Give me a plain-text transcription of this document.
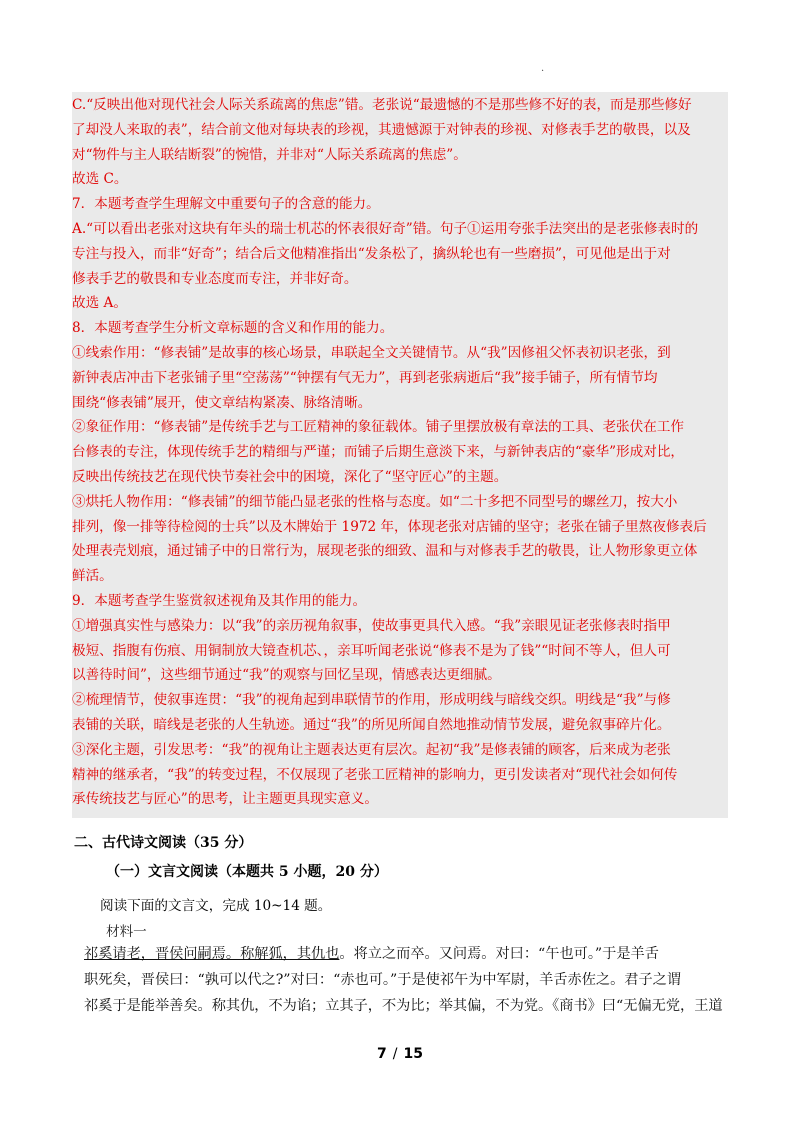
·

C.“反映出他对现代社会人际关系疏离的焦虑”错。老张说“最遗憾的不是那些修不好的表，而是那些修好

了却没人来取的表”，结合前文他对每块表的珍视，其遗憾源于对钟表的珍视、对修表手艺的敬畏，以及

对“物件与主人联结断裂”的惋惜，并非对“人际关系疏离的焦虑”。

故选 C。

7．本题考查学生理解文中重要句子的含意的能力。

A.“可以看出老张对这块有年头的瑞士机芯的怀表很好奇”错。句子①运用夸张手法突出的是老张修表时的

专注与投入，而非“好奇”；结合后文他精准指出“发条松了，擒纵轮也有一些磨损”，可见他是出于对

修表手艺的敬畏和专业态度而专注，并非好奇。

故选 A。

8．本题考查学生分析文章标题的含义和作用的能力。

①线索作用：“修表铺”是故事的核心场景，串联起全文关键情节。从“我”因修祖父怀表初识老张，到

新钟表店冲击下老张铺子里“空荡荡”“钟摆有气无力”，再到老张病逝后“我”接手铺子，所有情节均

围绕“修表铺”展开，使文章结构紧凑、脉络清晰。

②象征作用：“修表铺”是传统手艺与工匠精神的象征载体。铺子里摆放极有章法的工具、老张伏在工作

台修表的专注，体现传统手艺的精细与严谨；而铺子后期生意淡下来，与新钟表店的“豪华”形成对比，

反映出传统技艺在现代快节奏社会中的困境，深化了“坚守匠心”的主题。

③烘托人物作用：“修表铺”的细节能凸显老张的性格与态度。如“二十多把不同型号的螺丝刀，按大小

排列，像一排等待检阅的士兵”以及木牌始于 1972 年，体现老张对店铺的坚守；老张在铺子里熬夜修表后

处理表壳划痕，通过铺子中的日常行为，展现老张的细致、温和与对修表手艺的敬畏，让人物形象更立体

鲜活。

9．本题考查学生鉴赏叙述视角及其作用的能力。

①增强真实性与感染力：以“我”的亲历视角叙事，使故事更具代入感。“我”亲眼见证老张修表时指甲

极短、指腹有伤痕、用铜制放大镜查机芯、，亲耳听闻老张说“修表不是为了钱”“时间不等人，但人可

以善待时间”，这些细节通过“我”的观察与回忆呈现，情感表达更细腻。

②梳理情节，使叙事连贯：“我”的视角起到串联情节的作用，形成明线与暗线交织。明线是“我”与修

表铺的关联，暗线是老张的人生轨迹。通过“我”的所见所闻自然地推动情节发展，避免叙事碎片化。

③深化主题，引发思考：“我”的视角让主题表达更有层次。起初“我”是修表铺的顾客，后来成为老张

精神的继承者，“我”的转变过程，不仅展现了老张工匠精神的影响力，更引发读者对“现代社会如何传

承传统技艺与匠心”的思考，让主题更具现实意义。

二、古代诗文阅读（35 分）
（一）文言文阅读（本题共 5 小题，20 分）
阅读下面的文言文，完成 10~14 题。
材料一

祁奚请老，晋侯问嗣焉。称解狐，其仇也。将立之而卒。又问焉。对曰：“午也可。”于是羊舌

职死矣，晋侯曰：“孰可以代之?”对曰：“赤也可。”于是使祁午为中军尉，羊舌赤佐之。君子之谓

祁奚于是能举善矣。称其仇，不为谄；立其子，不为比；举其偏，不为党。《商书》曰“无偏无党，王道

7 / 15
